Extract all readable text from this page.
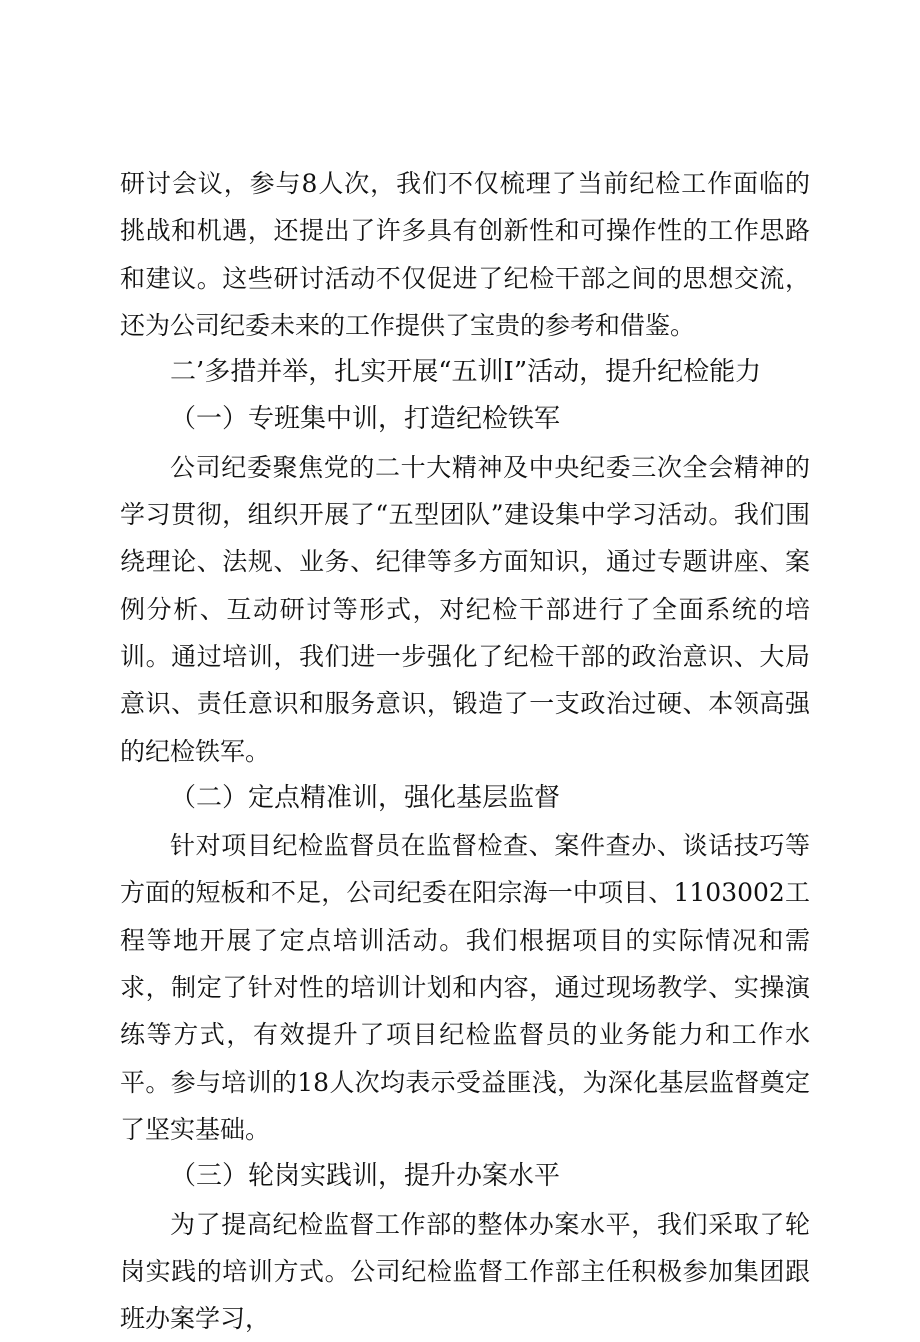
研讨会议，参与8人次，我们不仅梳理了当前纪检工作面临的挑战和机遇，还提出了许多具有创新性和可操作性的工作思路和建议。这些研讨活动不仅促进了纪检干部之间的思想交流，还为公司纪委未来的工作提供了宝贵的参考和借鉴。

二’多措并举，扎实开展“五训I”活动，提升纪检能力

（一）专班集中训，打造纪检铁军

公司纪委聚焦党的二十大精神及中央纪委三次全会精神的学习贯彻，组织开展了“五型团队”建设集中学习活动。我们围绕理论、法规、业务、纪律等多方面知识，通过专题讲座、案例分析、互动研讨等形式，对纪检干部进行了全面系统的培训。通过培训，我们进一步强化了纪检干部的政治意识、大局意识、责任意识和服务意识，锻造了一支政治过硬、本领高强的纪检铁军。

（二）定点精准训，强化基层监督

针对项目纪检监督员在监督检查、案件查办、谈话技巧等方面的短板和不足，公司纪委在阳宗海一中项目、1103002工程等地开展了定点培训活动。我们根据项目的实际情况和需求，制定了针对性的培训计划和内容，通过现场教学、实操演练等方式，有效提升了项目纪检监督员的业务能力和工作水平。参与培训的18人次均表示受益匪浅，为深化基层监督奠定了坚实基础。

（三）轮岗实践训，提升办案水平

为了提高纪检监督工作部的整体办案水平，我们采取了轮岗实践的培训方式。公司纪检监督工作部主任积极参加集团跟班办案学习，
